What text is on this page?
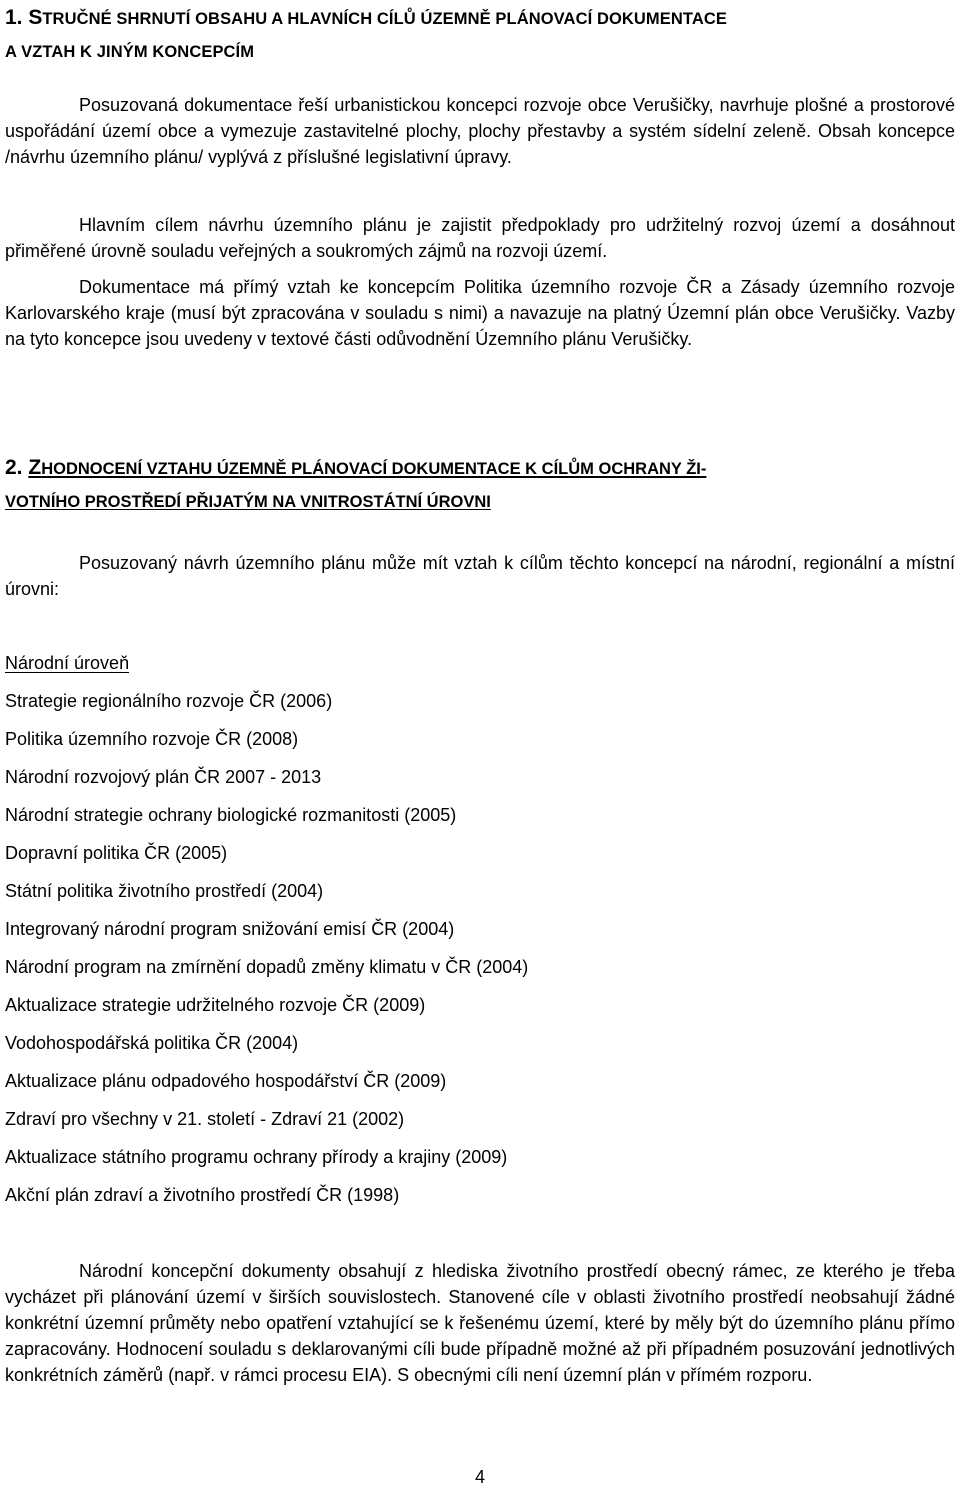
1. STRUČNÉ SHRNUTÍ OBSAHU A HLAVNÍCH CÍLŮ ÚZEMNĚ PLÁNOVACÍ DOKUMENTACE
A VZTAH K JINÝM KONCEPCÍM

Posuzovaná dokumentace řeší urbanistickou koncepci rozvoje obce Verušičky, navrhuje plošné a prostorové uspořádání území obce a vymezuje zastavitelné plochy, plochy přestavby a systém sídelní zeleně. Obsah koncepce /návrhu územního plánu/ vyplývá z příslušné legislativní úpravy.

Hlavním cílem návrhu územního plánu je zajistit předpoklady pro udržitelný rozvoj území a dosáhnout přiměřené úrovně souladu veřejných a soukromých zájmů na rozvoji území.

Dokumentace má přímý vztah ke koncepcím Politika územního rozvoje ČR a Zásady územního rozvoje Karlovarského kraje (musí být zpracována v souladu s nimi) a navazuje na platný Územní plán obce Verušičky. Vazby na tyto koncepce jsou uvedeny v textové části odůvodnění Územního plánu Verušičky.

2. ZHODNOCENÍ VZTAHU ÚZEMNĚ PLÁNOVACÍ DOKUMENTACE K CÍLŮM OCHRANY ŽI-
VOTNÍHO PROSTŘEDÍ PŘIJATÝM NA VNITROSTÁTNÍ ÚROVNI

Posuzovaný návrh územního plánu může mít vztah k cílům těchto koncepcí na národní, regionální a místní úrovni:

Národní úroveň
Strategie regionálního rozvoje ČR (2006)
Politika územního rozvoje ČR (2008)
Národní rozvojový plán ČR 2007 - 2013
Národní strategie ochrany biologické rozmanitosti (2005)
Dopravní politika ČR (2005)
Státní politika životního prostředí (2004)
Integrovaný národní program snižování emisí ČR (2004)
Národní program na zmírnění dopadů změny klimatu v ČR (2004)
Aktualizace strategie udržitelného rozvoje ČR (2009)
Vodohospodářská politika ČR (2004)
Aktualizace plánu odpadového hospodářství ČR (2009)
Zdraví pro všechny v 21. století - Zdraví 21 (2002)
Aktualizace státního programu ochrany přírody a krajiny (2009)
Akční plán zdraví a životního prostředí ČR (1998)

Národní koncepční dokumenty obsahují z hlediska životního prostředí obecný rámec, ze kterého je třeba vycházet při plánování území v širších souvislostech. Stanovené cíle v oblasti životního prostředí neobsahují žádné konkrétní územní průměty nebo opatření vztahující se k řešenému území, které by měly být do územního plánu přímo zapracovány. Hodnocení souladu s deklarovanými cíli bude případně možné až při případném posuzování jednotlivých konkrétních záměrů (např. v rámci procesu EIA). S obecnými cíli není územní plán v přímém rozporu.

4
